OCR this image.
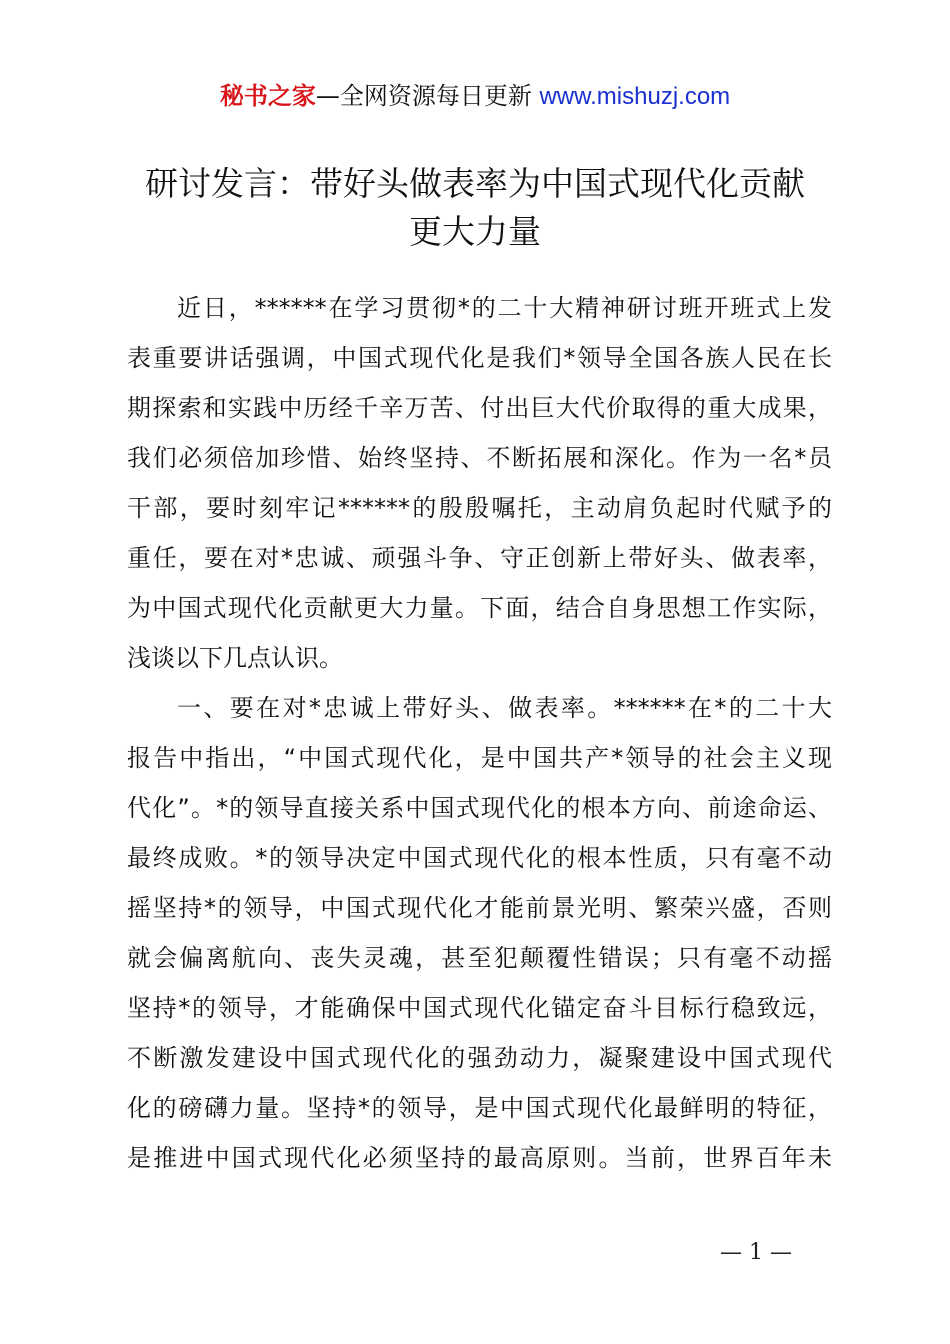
秘书之家—全网资源每日更新 www.mishuzj.com
研讨发言：带好头做表率为中国式现代化贡献
更大力量

近日，******在学习贯彻*的二十大精神研讨班开班式上发
表重要讲话强调，中国式现代化是我们*领导全国各族人民在长
期探索和实践中历经千辛万苦、付出巨大代价取得的重大成果，
我们必须倍加珍惜、始终坚持、不断拓展和深化。作为一名*员
干部，要时刻牢记******的殷殷嘱托，主动肩负起时代赋予的
重任，要在对*忠诚、顽强斗争、守正创新上带好头、做表率，
为中国式现代化贡献更大力量。下面，结合自身思想工作实际，
浅谈以下几点认识。

一、要在对*忠诚上带好头、做表率。******在*的二十大
报告中指出，“中国式现代化，是中国共产*领导的社会主义现
代化”。*的领导直接关系中国式现代化的根本方向、前途命运、
最终成败。*的领导决定中国式现代化的根本性质，只有毫不动
摇坚持*的领导，中国式现代化才能前景光明、繁荣兴盛，否则
就会偏离航向、丧失灵魂，甚至犯颠覆性错误；只有毫不动摇
坚持*的领导，才能确保中国式现代化锚定奋斗目标行稳致远，
不断激发建设中国式现代化的强劲动力，凝聚建设中国式现代
化的磅礴力量。坚持*的领导，是中国式现代化最鲜明的特征，
是推进中国式现代化必须坚持的最高原则。当前，世界百年未

— 1 —
